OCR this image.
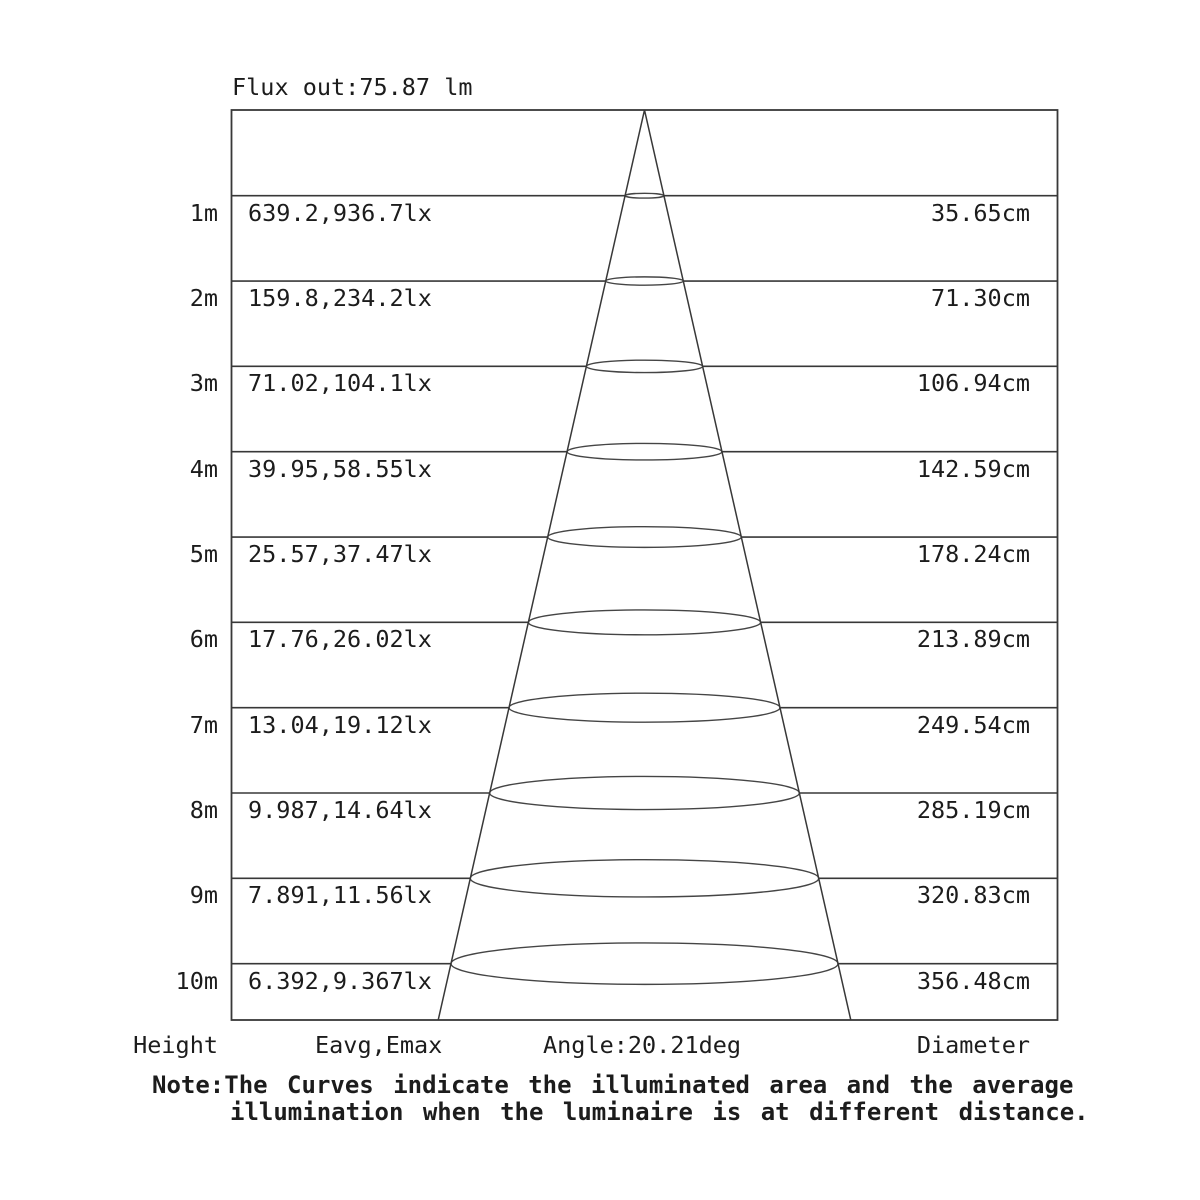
Flux out:75.87 lm
1m 639.2,936.7lx	35.65cm
2m 159.8,234.2lx	71.30cm
3m 71.02,104.1lx	106.94cm
4m 39.95,58.55lx	142.59cm
5m 25.57,37.47lx	178.24cm
6m 17.76,26.02lx	213.89cm
7m 13.04,19.12lx	249.54cm
8m 9.987,14.64lx	285.19cm
9m 7.891,11.56lx	320.83cm
10m 6.392,9.367lx	356.48cm
Height	Eavg,Emax	Angle:20.21deg	Diameter
Note:The Curves indicate the illuminated area and the average
illumination when the luminaire is at different distance.
